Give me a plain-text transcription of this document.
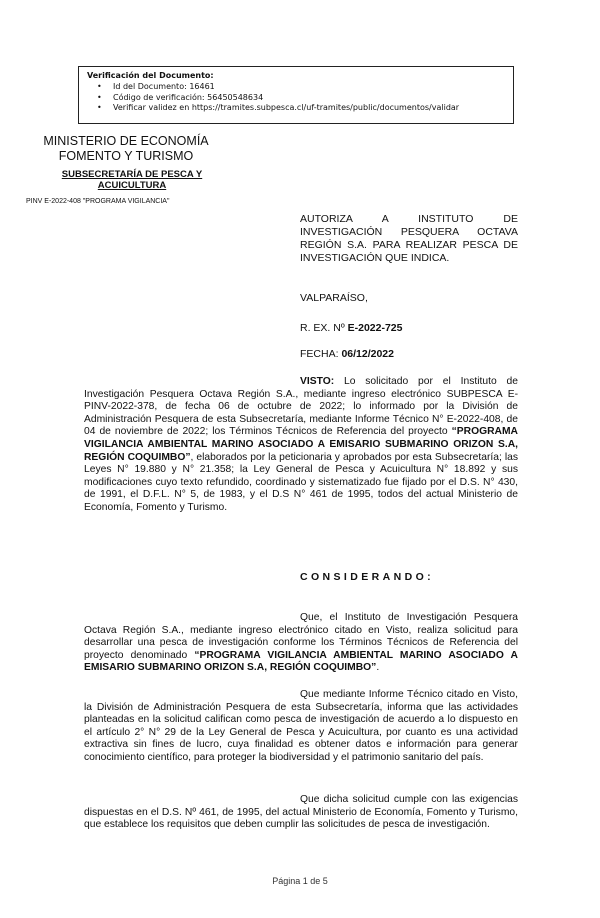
Verificación del Documento:
• Id del Documento: 16461
• Código de verificación: 56450548634
• Verificar validez en https://tramites.subpesca.cl/uf-tramites/public/documentos/validar
MINISTERIO DE ECONOMÍA
FOMENTO Y TURISMO
SUBSECRETARÍA DE PESCA Y ACUICULTURA
PINV E-2022-408 "PROGRAMA VIGILANCIA"
AUTORIZA A INSTITUTO DE INVESTIGACIÓN PESQUERA OCTAVA REGIÓN S.A. PARA REALIZAR PESCA DE INVESTIGACIÓN QUE INDICA.
VALPARAÍSO,
R. EX. Nº E-2022-725
FECHA: 06/12/2022
VISTO: Lo solicitado por el Instituto de Investigación Pesquera Octava Región S.A., mediante ingreso electrónico SUBPESCA E-PINV-2022-378, de fecha 06 de octubre de 2022; lo informado por la División de Administración Pesquera de esta Subsecretaría, mediante Informe Técnico N° E-2022-408, de 04 de noviembre de 2022; los Términos Técnicos de Referencia del proyecto “PROGRAMA VIGILANCIA AMBIENTAL MARINO ASOCIADO A EMISARIO SUBMARINO ORIZON S.A, REGIÓN COQUIMBO”, elaborados por la peticionaria y aprobados por esta Subsecretaría; las Leyes N° 19.880 y N° 21.358; la Ley General de Pesca y Acuicultura N° 18.892 y sus modificaciones cuyo texto refundido, coordinado y sistematizado fue fijado por el D.S. N° 430, de 1991, el D.F.L. N° 5, de 1983, y el D.S N° 461 de 1995, todos del actual Ministerio de Economía, Fomento y Turismo.
CONSIDERANDO:
Que, el Instituto de Investigación Pesquera Octava Región S.A., mediante ingreso electrónico citado en Visto, realiza solicitud para desarrollar una pesca de investigación conforme los Términos Técnicos de Referencia del proyecto denominado “PROGRAMA VIGILANCIA AMBIENTAL MARINO ASOCIADO A EMISARIO SUBMARINO ORIZON S.A, REGIÓN COQUIMBO”.
Que mediante Informe Técnico citado en Visto, la División de Administración Pesquera de esta Subsecretaría, informa que las actividades planteadas en la solicitud califican como pesca de investigación de acuerdo a lo dispuesto en el artículo 2° N° 29 de la Ley General de Pesca y Acuicultura, por cuanto es una actividad extractiva sin fines de lucro, cuya finalidad es obtener datos e información para generar conocimiento científico, para proteger la biodiversidad y el patrimonio sanitario del país.
Que dicha solicitud cumple con las exigencias dispuestas en el D.S. Nº 461, de 1995, del actual Ministerio de Economía, Fomento y Turismo, que establece los requisitos que deben cumplir las solicitudes de pesca de investigación.
Página 1 de 5
